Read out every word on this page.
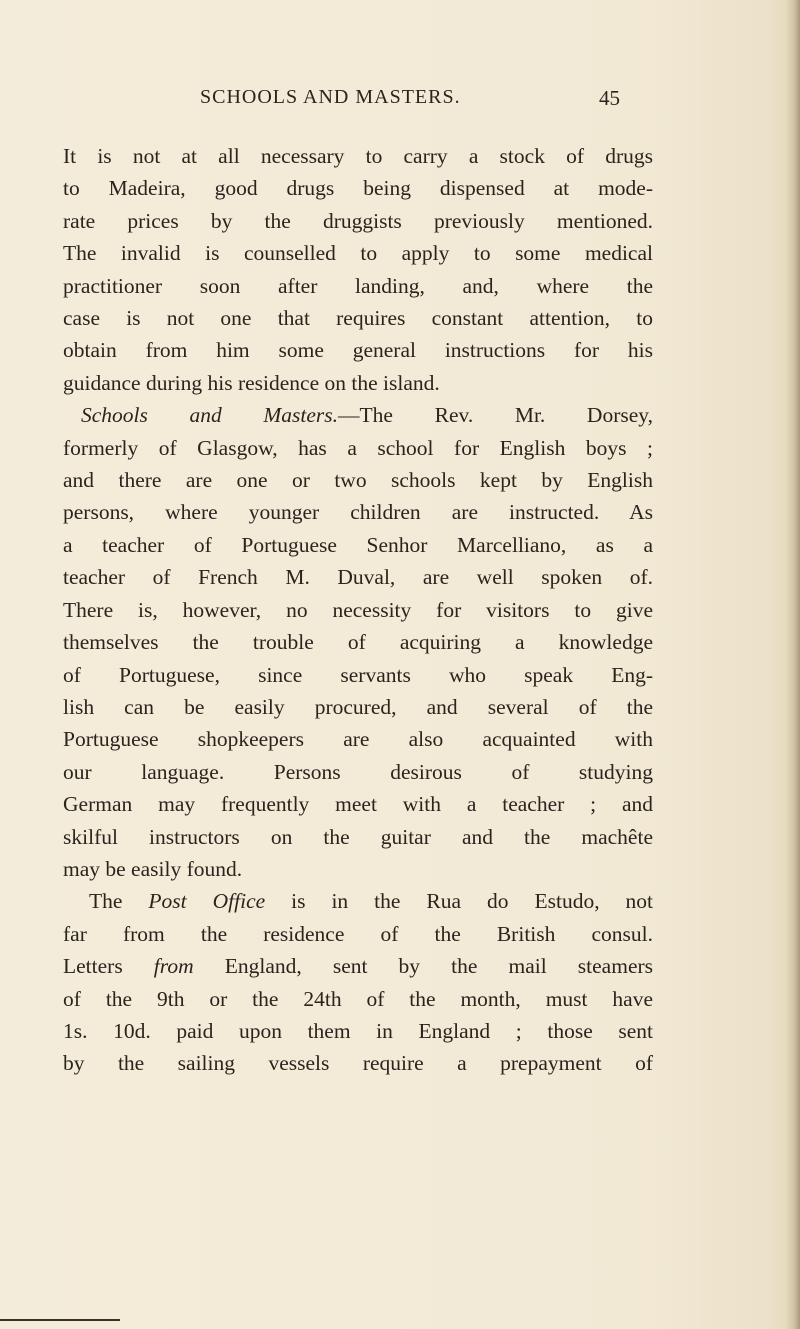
SCHOOLS AND MASTERS.	45
It is not at all necessary to carry a stock of drugs
to Madeira, good drugs being dispensed at mode-
rate prices by the druggists previously mentioned.
The invalid is counselled to apply to some medical
practitioner soon after landing, and, where the
case is not one that requires constant attention, to
obtain from him some general instructions for his
guidance during his residence on the island.
Schools and Masters.—The Rev. Mr. Dorsey,
formerly of Glasgow, has a school for English boys ;
and there are one or two schools kept by English
persons, where younger children are instructed. As
a teacher of Portuguese Senhor Marcelliano, as a
teacher of French M. Duval, are well spoken of.
There is, however, no necessity for visitors to give
themselves the trouble of acquiring a knowledge
of Portuguese, since servants who speak Eng-
lish can be easily procured, and several of the
Portuguese shopkeepers are also acquainted with
our language. Persons desirous of studying
German may frequently meet with a teacher ; and
skilful instructors on the guitar and the machête
may be easily found.
The Post Office is in the Rua do Estudo, not
far from the residence of the British consul.
Letters from England, sent by the mail steamers
of the 9th or the 24th of the month, must have
1s. 10d. paid upon them in England ; those sent
by the sailing vessels require a prepayment of
